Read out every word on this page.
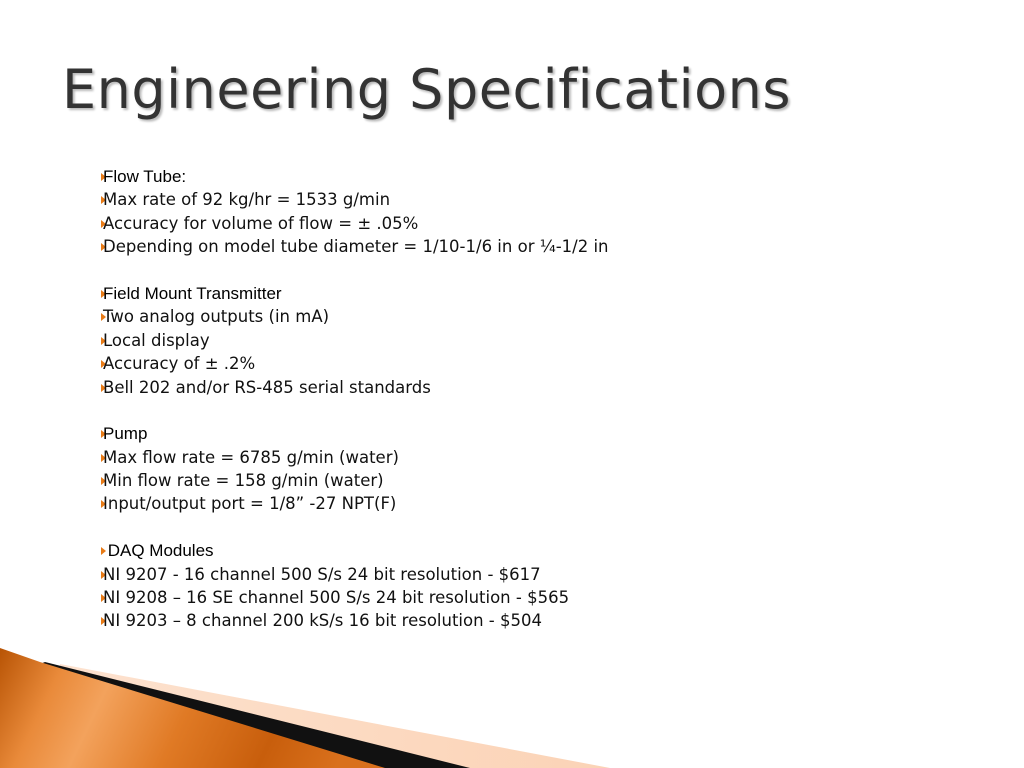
Engineering Specifications
Flow Tube:
Max rate of 92 kg/hr = 1533 g/min
Accuracy for volume of flow = ± .05%
Depending on model tube diameter = 1/10-1/6 in or ¼-1/2 in
Field Mount Transmitter
Two analog outputs (in mA)
Local display
Accuracy of ± .2%
Bell 202 and/or RS-485 serial standards
Pump
Max flow rate = 6785 g/min (water)
Min flow rate = 158 g/min (water)
Input/output port = 1/8” -27 NPT(F)
DAQ Modules
NI 9207 - 16 channel 500 S/s 24 bit resolution - $617
NI 9208 – 16 SE channel 500 S/s 24 bit resolution - $565
NI 9203 – 8 channel 200 kS/s 16 bit resolution - $504
